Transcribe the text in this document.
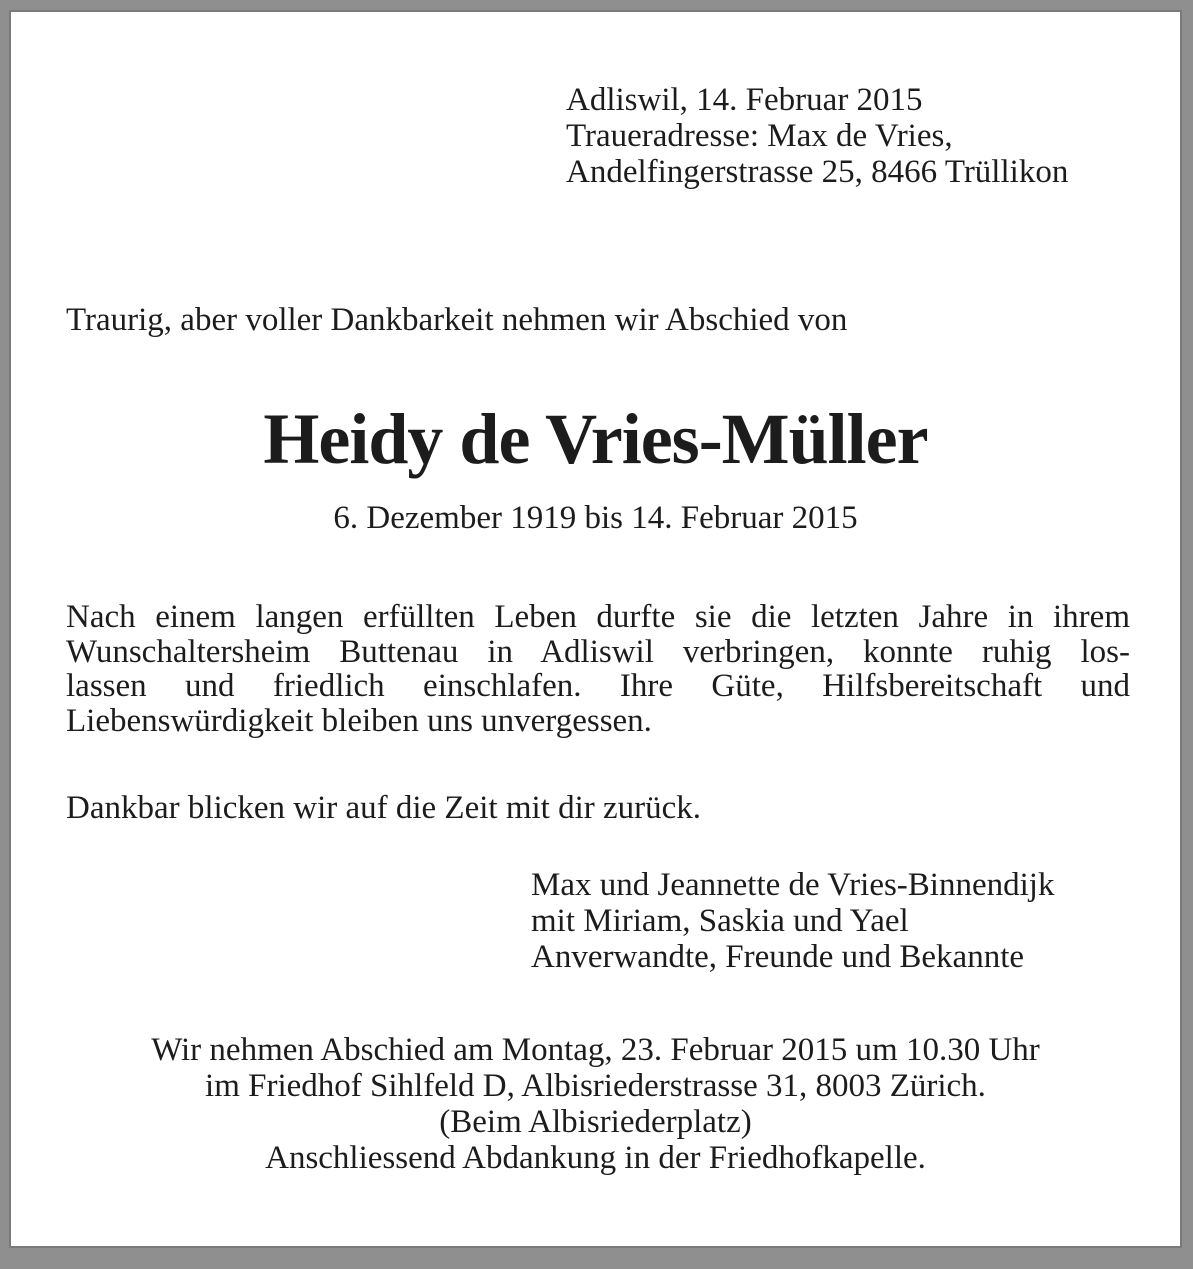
Adliswil, 14. Februar 2015
Traueradresse: Max de Vries,
Andelfingerstrasse 25, 8466 Trüllikon
Traurig, aber voller Dankbarkeit nehmen wir Abschied von
Heidy de Vries-Müller
6. Dezember 1919 bis 14. Februar 2015
Nach einem langen erfüllten Leben durfte sie die letzten Jahre in ihrem
Wunschaltersheim Buttenau in Adliswil verbringen, konnte ruhig los-
lassen und friedlich einschlafen. Ihre Güte, Hilfsbereitschaft und
Liebenswürdigkeit bleiben uns unvergessen.
Dankbar blicken wir auf die Zeit mit dir zurück.
Max und Jeannette de Vries-Binnendijk
mit Miriam, Saskia und Yael
Anverwandte, Freunde und Bekannte
Wir nehmen Abschied am Montag, 23. Februar 2015 um 10.30 Uhr
im Friedhof Sihlfeld D, Albisriederstrasse 31, 8003 Zürich.
(Beim Albisriederplatz)
Anschliessend Abdankung in der Friedhofkapelle.
